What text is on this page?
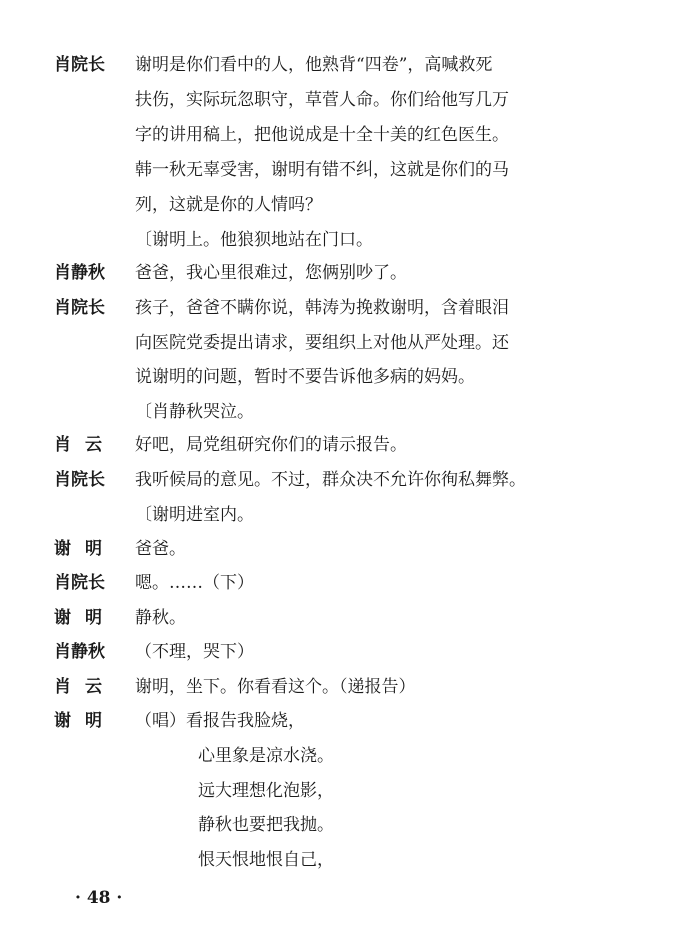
肖院长	谢明是你们看中的人，他熟背“四卷”，高喊救死
扶伤，实际玩忽职守，草菅人命。你们给他写几万
字的讲用稿上，把他说成是十全十美的红色医生。
韩一秋无辜受害，谢明有错不纠，这就是你们的马
列，这就是你的人情吗？
〔谢明上。他狼狈地站在门口。
肖静秋	爸爸，我心里很难过，您俩别吵了。
肖院长	孩子，爸爸不瞒你说，韩涛为挽救谢明，含着眼泪
向医院党委提出请求，要组织上对他从严处理。还
说谢明的问题，暂时不要告诉他多病的妈妈。
〔肖静秋哭泣。
肖云	好吧，局党组研究你们的请示报告。
肖院长	我听候局的意见。不过，群众决不允许你徇私舞弊。
〔谢明进室内。
谢明	爸爸。
肖院长	嗯。……（下）
谢明	静秋。
肖静秋	（不理，哭下）
肖云	谢明，坐下。你看看这个。（递报告）
谢明	（唱）看报告我脸烧，
心里象是凉水浇。
远大理想化泡影，
静秋也要把我抛。
恨天恨地恨自己，
· 48 ·
